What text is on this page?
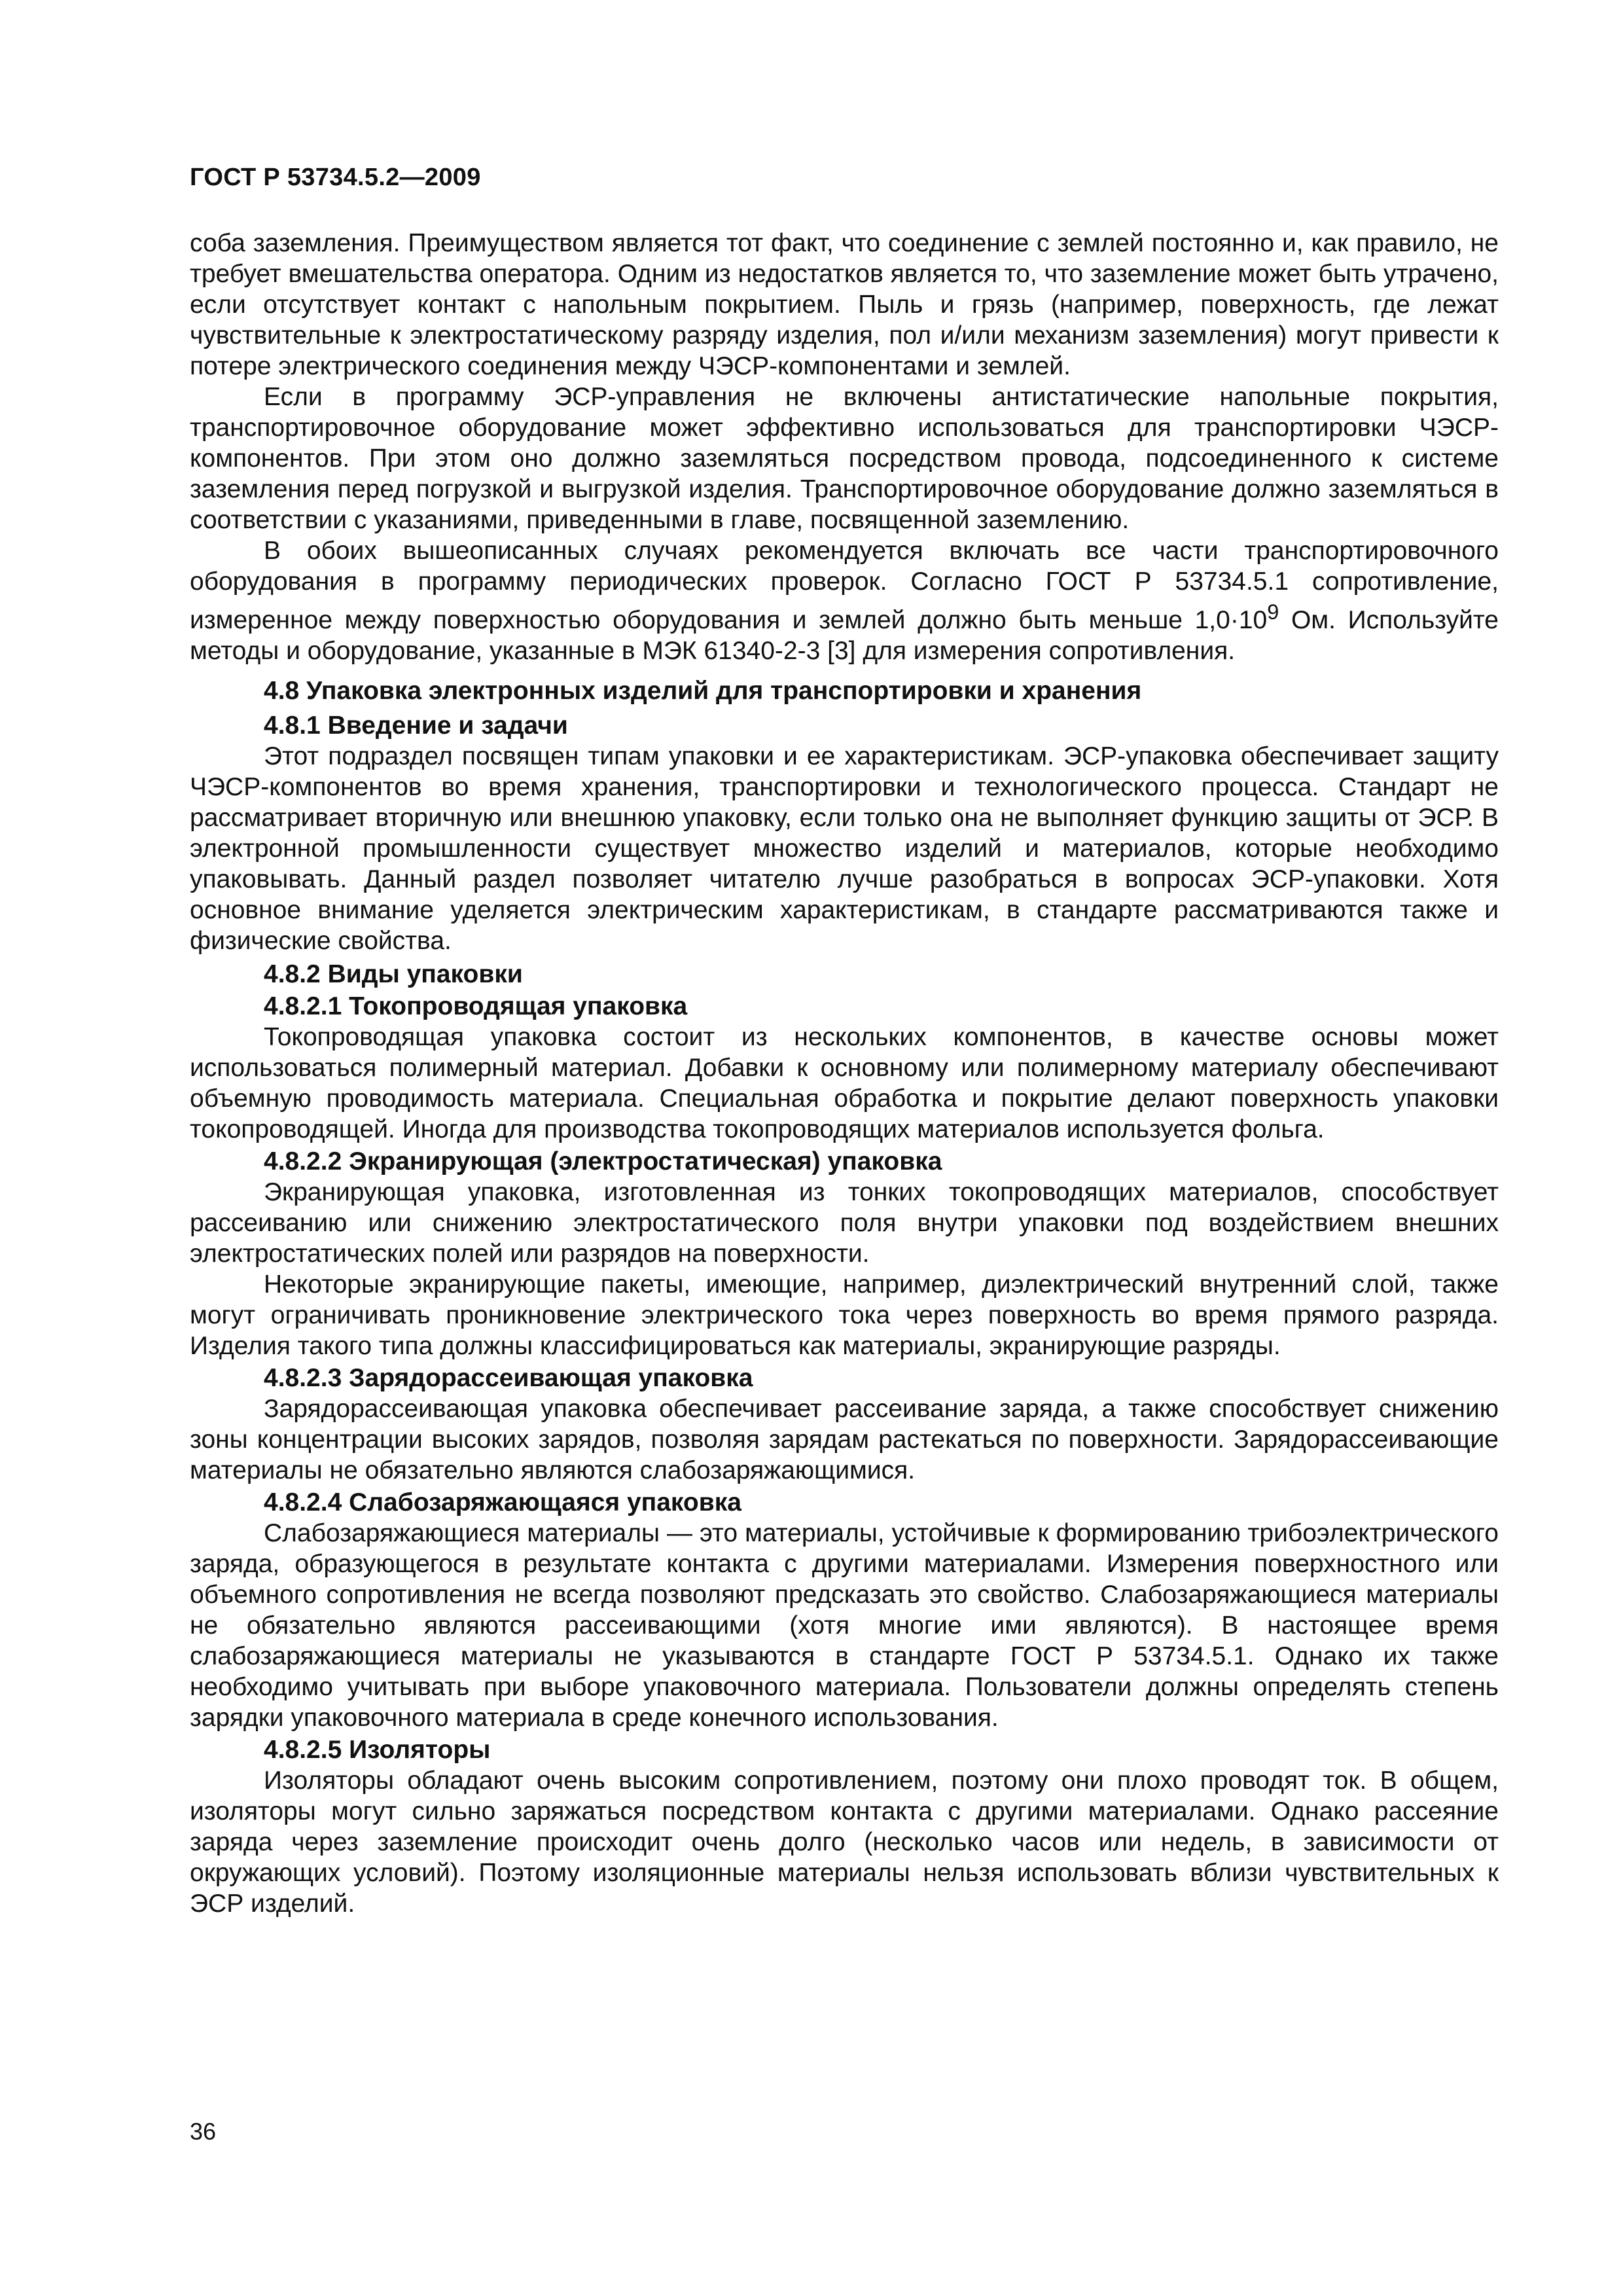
ГОСТ Р 53734.5.2—2009

соба заземления. Преимуществом является тот факт, что соединение с землей постоянно и, как правило, не требует вмешательства оператора. Одним из недостатков является то, что заземление может быть утрачено, если отсутствует контакт с напольным покрытием. Пыль и грязь (например, поверхность, где лежат чувствительные к электростатическому разряду изделия, пол и/или механизм заземления) могут привести к потере электрического соединения между ЧЭСР-компонентами и землей.

Если в программу ЭСР-управления не включены антистатические напольные покрытия, транспортировочное оборудование может эффективно использоваться для транспортировки ЧЭСР-компонентов. При этом оно должно заземляться посредством провода, подсоединенного к системе заземления перед погрузкой и выгрузкой изделия. Транспортировочное оборудование должно заземляться в соответствии с указаниями, приведенными в главе, посвященной заземлению.

В обоих вышеописанных случаях рекомендуется включать все части транспортировочного оборудования в программу периодических проверок. Согласно ГОСТ Р 53734.5.1 сопротивление, измеренное между поверхностью оборудования и землей должно быть меньше $1,0\cdot 10^9$ Ом. Используйте методы и оборудование, указанные в МЭК 61340-2-3 [3] для измерения сопротивления.

4.8 Упаковка электронных изделий для транспортировки и хранения
4.8.1 Введение и задачи

Этот подраздел посвящен типам упаковки и ее характеристикам. ЭСР-упаковка обеспечивает защиту ЧЭСР-компонентов во время хранения, транспортировки и технологического процесса. Стандарт не рассматривает вторичную или внешнюю упаковку, если только она не выполняет функцию защиты от ЭСР. В электронной промышленности существует множество изделий и материалов, которые необходимо упаковывать. Данный раздел позволяет читателю лучше разобраться в вопросах ЭСР-упаковки. Хотя основное внимание уделяется электрическим характеристикам, в стандарте рассматриваются также и физические свойства.

4.8.2 Виды упаковки
4.8.2.1 Токопроводящая упаковка

Токопроводящая упаковка состоит из нескольких компонентов, в качестве основы может использоваться полимерный материал. Добавки к основному или полимерному материалу обеспечивают объемную проводимость материала. Специальная обработка и покрытие делают поверхность упаковки токопроводящей. Иногда для производства токопроводящих материалов используется фольга.

4.8.2.2 Экранирующая (электростатическая) упаковка

Экранирующая упаковка, изготовленная из тонких токопроводящих материалов, способствует рассеиванию или снижению электростатического поля внутри упаковки под воздействием внешних электростатических полей или разрядов на поверхности.

Некоторые экранирующие пакеты, имеющие, например, диэлектрический внутренний слой, также могут ограничивать проникновение электрического тока через поверхность во время прямого разряда. Изделия такого типа должны классифицироваться как материалы, экранирующие разряды.

4.8.2.3 Зарядорассеивающая упаковка

Зарядорассеивающая упаковка обеспечивает рассеивание заряда, а также способствует снижению зоны концентрации высоких зарядов, позволяя зарядам растекаться по поверхности. Зарядорассеивающие материалы не обязательно являются слабозаряжающимися.

4.8.2.4 Слабозаряжающаяся упаковка

Слабозаряжающиеся материалы — это материалы, устойчивые к формированию трибоэлектрического заряда, образующегося в результате контакта с другими материалами. Измерения поверхностного или объемного сопротивления не всегда позволяют предсказать это свойство. Слабозаряжающиеся материалы не обязательно являются рассеивающими (хотя многие ими являются). В настоящее время слабозаряжающиеся материалы не указываются в стандарте ГОСТ Р 53734.5.1. Однако их также необходимо учитывать при выборе упаковочного материала. Пользователи должны определять степень зарядки упаковочного материала в среде конечного использования.

4.8.2.5 Изоляторы

Изоляторы обладают очень высоким сопротивлением, поэтому они плохо проводят ток. В общем, изоляторы могут сильно заряжаться посредством контакта с другими материалами. Однако рассеяние заряда через заземление происходит очень долго (несколько часов или недель, в зависимости от окружающих условий). Поэтому изоляционные материалы нельзя использовать вблизи чувствительных к ЭСР изделий.

36
